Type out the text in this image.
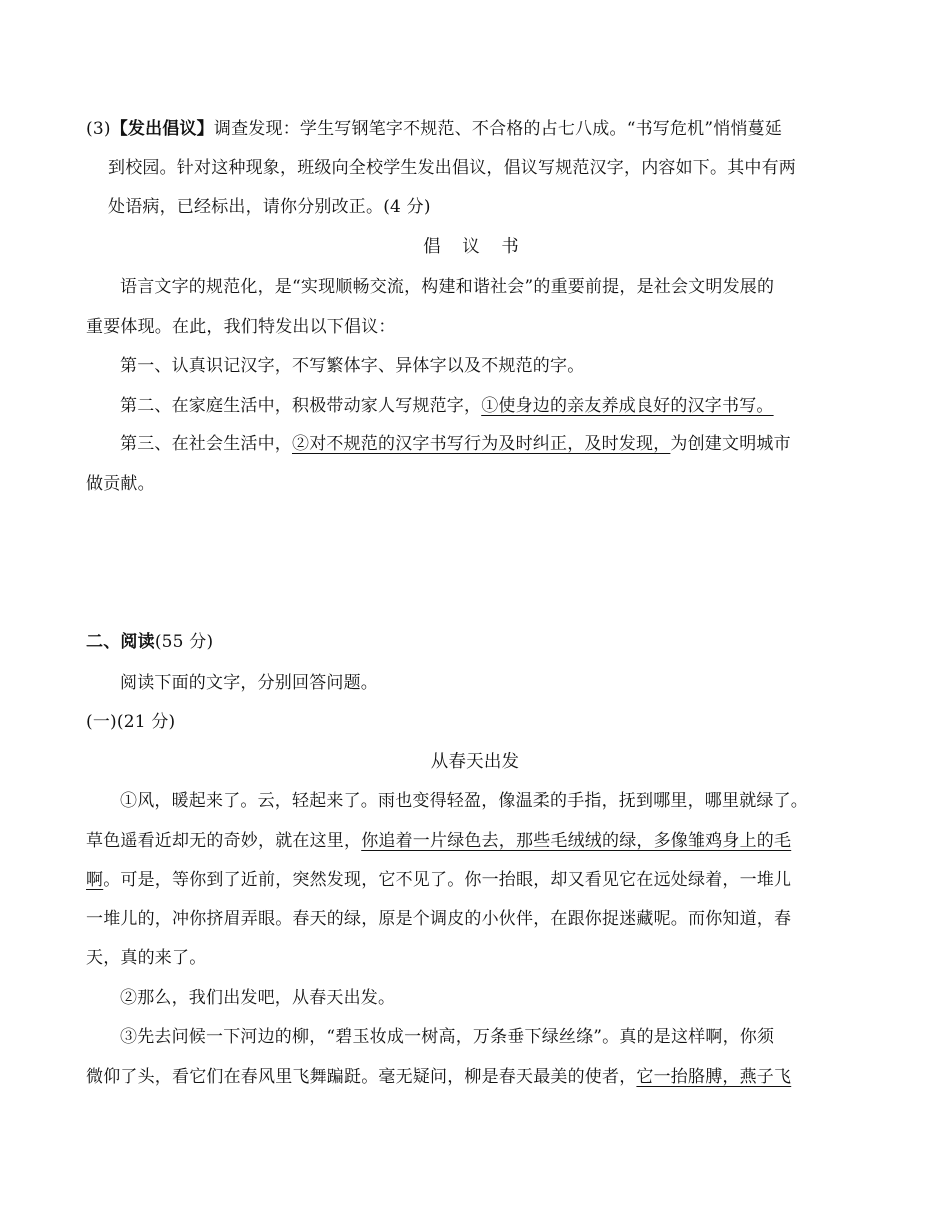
(3)【发出倡议】调查发现：学生写钢笔字不规范、不合格的占七八成。“书写危机”悄悄蔓延
到校园。针对这种现象，班级向全校学生发出倡议，倡议写规范汉字，内容如下。其中有两
处语病，已经标出，请你分别改正。(4 分)
倡 议 书
语言文字的规范化，是“实现顺畅交流，构建和谐社会”的重要前提，是社会文明发展的
重要体现。在此，我们特发出以下倡议：
第一、认真识记汉字，不写繁体字、异体字以及不规范的字。
第二、在家庭生活中，积极带动家人写规范字，①使身边的亲友养成良好的汉字书写。
第三、在社会生活中，②对不规范的汉字书写行为及时纠正，及时发现，为创建文明城市
做贡献。
二、阅读(55 分)
阅读下面的文字，分别回答问题。
(一)(21 分)
从春天出发
①风，暖起来了。云，轻起来了。雨也变得轻盈，像温柔的手指，抚到哪里，哪里就绿了。
草色遥看近却无的奇妙，就在这里，你追着一片绿色去，那些毛绒绒的绿，多像雏鸡身上的毛
啊。可是，等你到了近前，突然发现，它不见了。你一抬眼，却又看见它在远处绿着，一堆儿
一堆儿的，冲你挤眉弄眼。春天的绿，原是个调皮的小伙伴，在跟你捉迷藏呢。而你知道，春
天，真的来了。
②那么，我们出发吧，从春天出发。
③先去问候一下河边的柳，“碧玉妆成一树高，万条垂下绿丝绦”。真的是这样啊，你须
微仰了头，看它们在春风里飞舞蹁跹。毫无疑问，柳是春天最美的使者，它一抬胳膊，燕子飞
